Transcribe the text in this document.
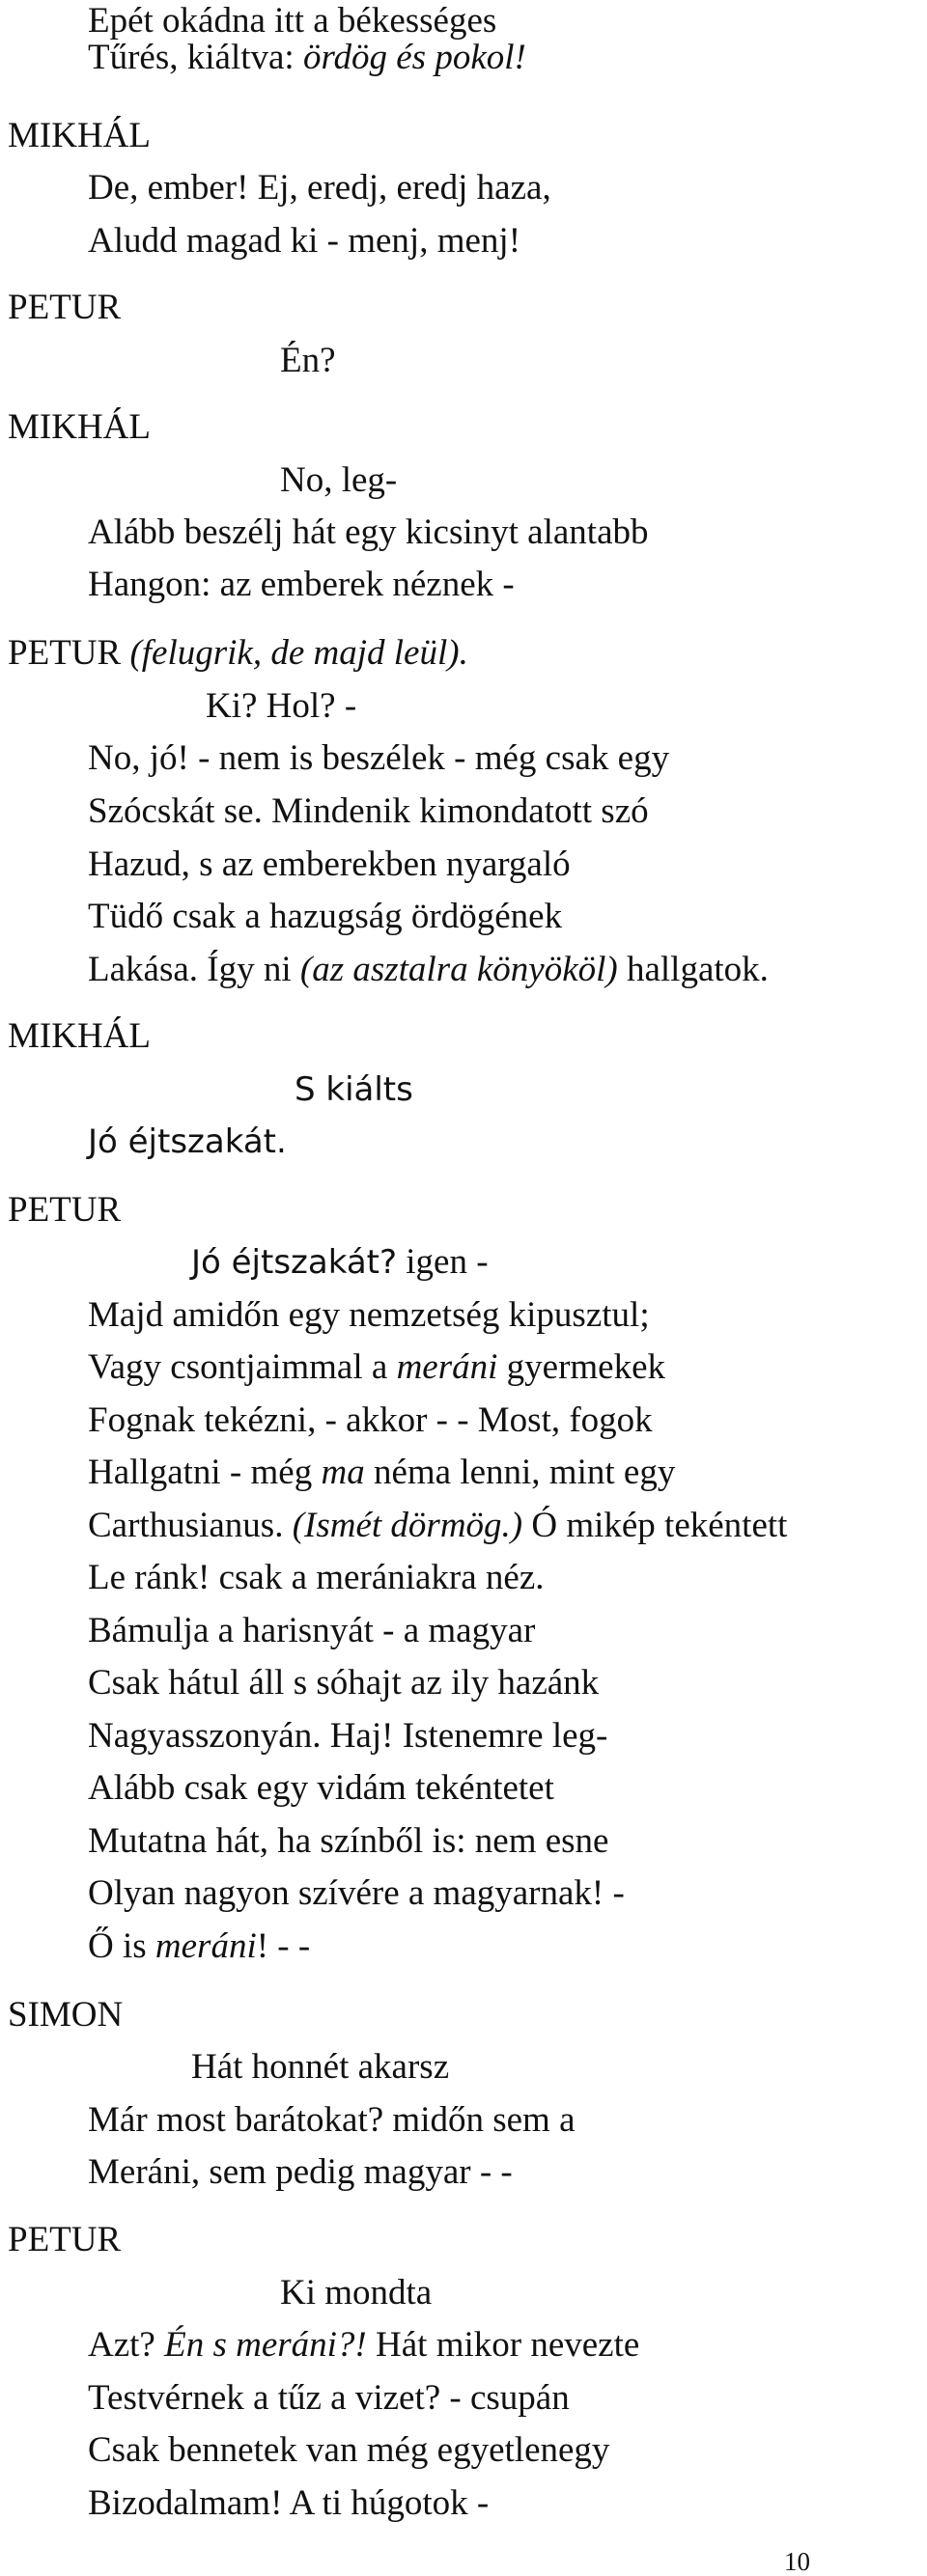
Epét okádna itt a békességes
Tűrés, kiáltva: ördög és pokol!
MIKHÁL
De, ember! Ej, eredj, eredj haza,
Aludd magad ki - menj, menj!
PETUR
Én?
MIKHÁL
No, leg-
Alább beszélj hát egy kicsinyt alantabb
Hangon: az emberek néznek -
PETUR (felugrik, de majd leül).
Ki? Hol? -
No, jó! - nem is beszélek - még csak egy
Szócskát se. Mindenik kimondatott szó
Hazud, s az emberekben nyargaló
Tüdő csak a hazugság ördögének
Lakása. Így ni (az asztalra könyököl) hallgatok.
MIKHÁL
S kiálts
Jó éjtszakát.
PETUR
Jó éjtszakát? igen -
Majd amidőn egy nemzetség kipusztul;
Vagy csontjaimmal a meráni gyermekek
Fognak tekézni, - akkor - - Most, fogok
Hallgatni - még ma néma lenni, mint egy
Carthusianus. (Ismét dörmög.) Ó mikép tekéntett
Le ránk! csak a merániakra néz.
Bámulja a harisnyát - a magyar
Csak hátul áll s sóhajt az ily hazánk
Nagyasszonyán. Haj! Istenemre leg-
Alább csak egy vidám tekéntetet
Mutatna hát, ha színből is: nem esne
Olyan nagyon szívére a magyarnak! -
Ő is meráni! - -
SIMON
Hát honnét akarsz
Már most barátokat? midőn sem a
Meráni, sem pedig magyar - -
PETUR
Ki mondta
Azt? Én s meráni?! Hát mikor nevezte
Testvérnek a tűz a vizet? - csupán
Csak bennetek van még egyetlenegy
Bizodalmam! A ti húgotok -
10
